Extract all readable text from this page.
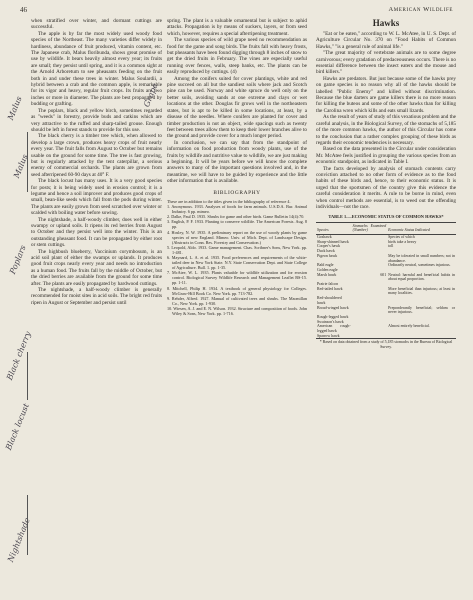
46	American Wildlife

when stratified over winter, and dormant cuttings are successful.

The apple is by far the most widely used woody food species of the Northeast. The many varieties differ widely in hardiness, abundance of fruit produced, vitamin content, etc. The Japanese crab, Malus floribunda, shows great promise of use by wildlife. It bears heavily almost every year; its fruits are small; they persist until spring, and it is a common sight at the Arnold Arboretum to see pheasants feeding on the fruit both in and under these trees in winter. Malus Soulardii, a hybrid between a crab and the common apple, is remarkable for its vigor and heavy, regular fruit crops. Its fruits are two inches or more in diameter. The plants are best propagated by budding or grafting.

The poplars, black and yellow birch, sometimes regarded as "weeds" in forestry, provide buds and catkins which are very attractive to the ruffed and sharp-tailed grouse. Enough should be left in forest stands to provide for this use.

The black cherry is a timber tree which, when allowed to develop a large crown, produces heavy crops of fruit nearly every year. The fruit falls from August to October but remains usable on the ground for some time. The tree is fast growing, but is regularly attacked by the tent caterpillar, a serious enemy of commercial orchards. The plants are grown from seed afterripened 60-90 days at 40° F.

The black locust has many uses. It is a very good species for posts; it is being widely used in erosion control; it is a legume and hence a soil improver and produces good crops of small, bean-like seeds which fall from the pods during winter. The plants are easily grown from seed scratched over winter or scalded with boiling water before sowing.

The nightshade, a half-woody climber, does well in either swampy or upland soils. It ripens its red berries from August to October and they persist well into the winter. This is an outstanding pheasant food. It can be propagated by either root or stem cuttings.

The highbush blueberry, Vaccinium corymbosum, is an acid soil plant of either the swamps or uplands. It produces good fruit crops nearly every year and needs no introduction as a human food. The fruits fall by the middle of October, but the dried berries are available from the ground for some time after. The plants are easily propagated by hardwood cuttings.

The nightshade, a half-woody climber is generally recommended for moist sites in acid soils. The bright red fruits ripen in August or September and persist until

spring. The plant is a valuable ornamental but is subject to aphid attacks. Propagation is by means of suckers, layers, or from seed which, however, requires a special afterripening treatment.

The various species of wild grape need no recommendation as food for the game and song birds. The fruits fall with heavy frosts, but pheasants have been found digging through 8 inches of snow to get the dried fruits in February. The vines are especially useful running over fences, walls, steep banks, etc. The plants can be easily reproduced by cuttings. (4)

Among the conifers suited for cover plantings, white and red pine succeed on all but the sandiest soils where jack and Scotch pine can be used. Norway and white spruce do well only on the better soils, avoiding sands at one extreme and clays or wet locations at the other. Douglas fir grows well in the northeastern states, but is apt to be killed in some locations, at least, by a disease of the needles. Where conifers are planted for cover and timber production is not an object, wide spacings such as twenty feet between trees allow them to keep their lower branches alive to the ground and provide cover for a much longer period.

In conclusion, we can say that from the standpoint of information on food production from woody plants, use of the fruits by wildlife and nutritive value to wildlife, we are just making a beginning. It will be years before we will know the complete answers to many of the important questions involved and, in the meantime, we will have to be guided by experience and the little other information that is available.

BIBLIOGRAPHY

These are in addition to the titles given in the bibliography of reference 4.

1. Anonymous. 1933. Analyses of foods for farm animals. U.S.D.A. Bur. Animal Industry. 6 pp. mimeo.

2. Dalke, Paul D. 1935. Shrubs for game and other birds. Game Bulletin 14(4):70.

3. English, P. F. 1933. Planting to conserve wildlife. The American Forests. Aug. 8 pp.

4. Hosley, N. W. 1935. A preliminary report on the use of woody plants by game species of new England. Mimeo. Univ. of Mich. Dept. of Landscape Design. (Abstracts in Conn. Res. Forestry and Conservation.)

5. Leopold, Aldo. 1933. Game management. Chas. Scribner's Sons, New York. pp. 1-481.

6. Maynard, L. A. et al. 1935. Food preferences and requirements of the white-tailed deer in New York State. N.Y. State Conservation Dept. and State College of Agriculture. Bull. 1. pp. 1-35.

7. McAtee, W. L. 1935. Plants valuable for wildlife utilization and for erosion control. Biological Survey Wildlife Research and Management Leaflet BS-15. pp. 1-11.

8. Mitchell, Philip H. 1934. A textbook of general physiology for Colleges. McGraw-Hill Book Co. New York. pp. 713-782.

9. Rehder, Alfred. 1927. Manual of cultivated trees and shrubs. The Macmillan Co., New York. pp. 1-930.

10. Wiesen, A. J. and E. N. Wilson. 1932. Structure and composition of foods. John Wiley & Sons, New York. pp. 1-716.

Hawks

"Eat or be eaten," according to W. L. McAtee, in U. S. Dept. of Agriculture Circular No. 370 on "Food Habits of Common Hawks," "is a general rule of animal life."

"The great majority of vertebrate animals are to some degree carnivorous; every gradation of predaceousness occurs. There is no essential difference between the insect eaters and the mouse and bird killers."

Hawks are predators. But just because some of the hawks prey on game species is no reason why all of the hawks should be labelled "Public Enemy" and killed without discrimination. Because the blue darters are game killers there is no more reason for killing the buteos and some of the other hawks than for killing the Carolina wren which kills and eats small lizards.

As the result of years of study of this vexatious problem and the careful analysis, in the Biological Survey, of the stomachs of 5,185 of the more common hawks, the author of this Circular has come to the conclusion that a rather complex grouping of these birds as regards their economic tendencies is necessary.

Based on the data presented in the Circular under consideration Mr. McAtee feels justified in grouping the various species from an economic standpoint, as indicated in Table I.

The facts developed by analysis of stomach contents carry conviction attached to no other form of evidence as to the food habits of these birds and, hence, to their economic status. It is urged that the sportsmen of the country give this evidence the careful consideration it merits. A rule to be borne in mind, even when control methods are essential, is to weed out the offending individuals—not the race.

TABLE 1.—ECONOMIC STATUS OF COMMON HAWKS*
Species	Stomachs Examined (Number)	Economic Status Indicated
Goshawk		Species of which
Sharp-shinned hawk		birds take a heavy
Cooper's hawk		toll
Duck hawk		
Pigeon hawk		May be tolerated in small numbers; not in abundance.
Bald eagle		Ordinarily neutral, sometimes injurious.
Golden eagle		
Marsh hawk	601	Neutral: harmful and beneficial habits in about equal proportion.
Prairie falcon		
Red-tailed hawk		More beneficial than injurious; at least in many localities.
Red-shouldered hawk		
Broad-winged hawk		Preponderantly beneficial; seldom or never injurious.
Rough-legged hawk		
Swainson's hawk		
American rough-legged hawk		Almost entirely beneficial.
Sparrow hawk		
* Based on data obtained from a study of 5,185 stomachs in the Bureau of Biological Survey.
Malus
Malus
Poplars
Black cherry
Black locust
Nightshade
Grape
